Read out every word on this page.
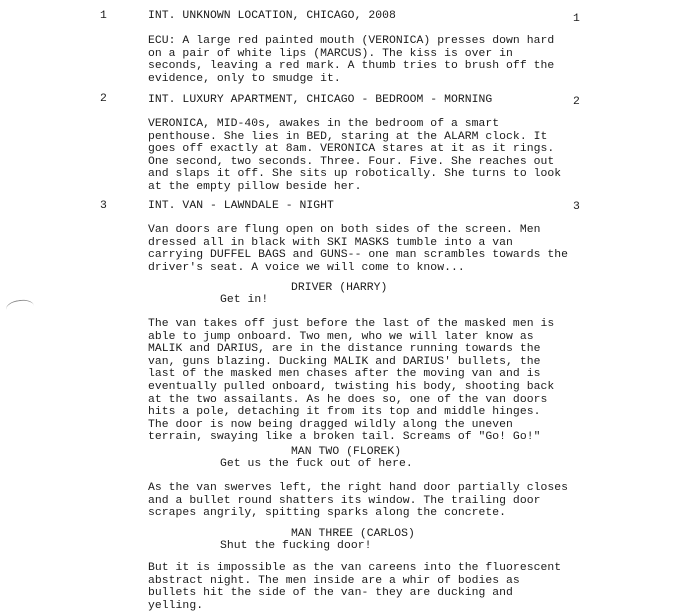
1	INT. UNKNOWN LOCATION, CHICAGO, 2008	1
ECU: A large red painted mouth (VERONICA) presses down hard
on a pair of white lips (MARCUS). The kiss is over in
seconds, leaving a red mark. A thumb tries to brush off the
evidence, only to smudge it.
2	INT. LUXURY APARTMENT, CHICAGO - BEDROOM - MORNING	2
VERONICA, MID-40s, awakes in the bedroom of a smart
penthouse. She lies in BED, staring at the ALARM clock. It
goes off exactly at 8am. VERONICA stares at it as it rings.
One second, two seconds. Three. Four. Five. She reaches out
and slaps it off. She sits up robotically. She turns to look
at the empty pillow beside her.
3	INT. VAN - LAWNDALE - NIGHT	3
Van doors are flung open on both sides of the screen. Men
dressed all in black with SKI MASKS tumble into a van
carrying DUFFEL BAGS and GUNS-- one man scrambles towards the
driver's seat. A voice we will come to know...
DRIVER (HARRY)
Get in!
The van takes off just before the last of the masked men is
able to jump onboard. Two men, who we will later know as
MALIK and DARIUS, are in the distance running towards the
van, guns blazing. Ducking MALIK and DARIUS' bullets, the
last of the masked men chases after the moving van and is
eventually pulled onboard, twisting his body, shooting back
at the two assailants. As he does so, one of the van doors
hits a pole, detaching it from its top and middle hinges.
The door is now being dragged wildly along the uneven
terrain, swaying like a broken tail. Screams of "Go! Go!"
MAN TWO (FLOREK)
Get us the fuck out of here.
As the van swerves left, the right hand door partially closes
and a bullet round shatters its window. The trailing door
scrapes angrily, spitting sparks along the concrete.
MAN THREE (CARLOS)
Shut the fucking door!
But it is impossible as the van careens into the fluorescent
abstract night. The men inside are a whir of bodies as
bullets hit the side of the van- they are ducking and
yelling.
